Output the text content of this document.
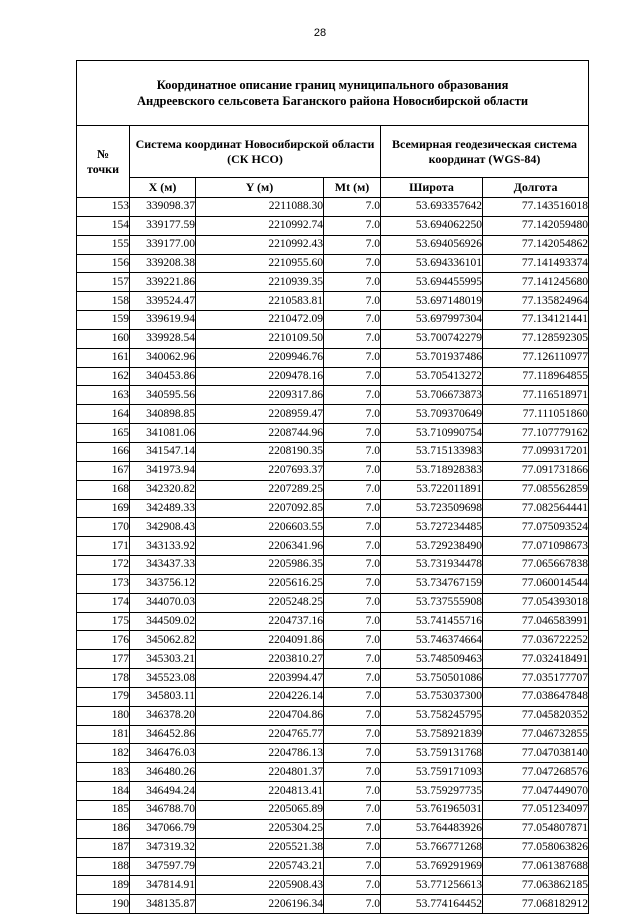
28
Координатное описание границ муниципального образования
Андреевского сельсовета Баганского района Новосибирской области					

№
точки	Система координат Новосибирской области (СК НСО)			Всемирная геодезическая система координат (WGS-84)	
	X (м)	Y (м)	Mt (м)	Широта	Долгота
153	339098.37	2211088.30	7.0	53.693357642	77.143516018
154	339177.59	2210992.74	7.0	53.694062250	77.142059480
155	339177.00	2210992.43	7.0	53.694056926	77.142054862
156	339208.38	2210955.60	7.0	53.694336101	77.141493374
157	339221.86	2210939.35	7.0	53.694455995	77.141245680
158	339524.47	2210583.81	7.0	53.697148019	77.135824964
159	339619.94	2210472.09	7.0	53.697997304	77.134121441
160	339928.54	2210109.50	7.0	53.700742279	77.128592305
161	340062.96	2209946.76	7.0	53.701937486	77.126110977
162	340453.86	2209478.16	7.0	53.705413272	77.118964855
163	340595.56	2209317.86	7.0	53.706673873	77.116518971
164	340898.85	2208959.47	7.0	53.709370649	77.111051860
165	341081.06	2208744.96	7.0	53.710990754	77.107779162
166	341547.14	2208190.35	7.0	53.715133983	77.099317201
167	341973.94	2207693.37	7.0	53.718928383	77.091731866
168	342320.82	2207289.25	7.0	53.722011891	77.085562859
169	342489.33	2207092.85	7.0	53.723509698	77.082564441
170	342908.43	2206603.55	7.0	53.727234485	77.075093524
171	343133.92	2206341.96	7.0	53.729238490	77.071098673
172	343437.33	2205986.35	7.0	53.731934478	77.065667838
173	343756.12	2205616.25	7.0	53.734767159	77.060014544
174	344070.03	2205248.25	7.0	53.737555908	77.054393018
175	344509.02	2204737.16	7.0	53.741455716	77.046583991
176	345062.82	2204091.86	7.0	53.746374664	77.036722252
177	345303.21	2203810.27	7.0	53.748509463	77.032418491
178	345523.08	2203994.47	7.0	53.750501086	77.035177707
179	345803.11	2204226.14	7.0	53.753037300	77.038647848
180	346378.20	2204704.86	7.0	53.758245795	77.045820352
181	346452.86	2204765.77	7.0	53.758921839	77.046732855
182	346476.03	2204786.13	7.0	53.759131768	77.047038140
183	346480.26	2204801.37	7.0	53.759171093	77.047268576
184	346494.24	2204813.41	7.0	53.759297735	77.047449070
185	346788.70	2205065.89	7.0	53.761965031	77.051234097
186	347066.79	2205304.25	7.0	53.764483926	77.054807871
187	347319.32	2205521.38	7.0	53.766771268	77.058063826
188	347597.79	2205743.21	7.0	53.769291969	77.061387688
189	347814.91	2205908.43	7.0	53.771256613	77.063862185
190	348135.87	2206196.34	7.0	53.774164452	77.068182912
